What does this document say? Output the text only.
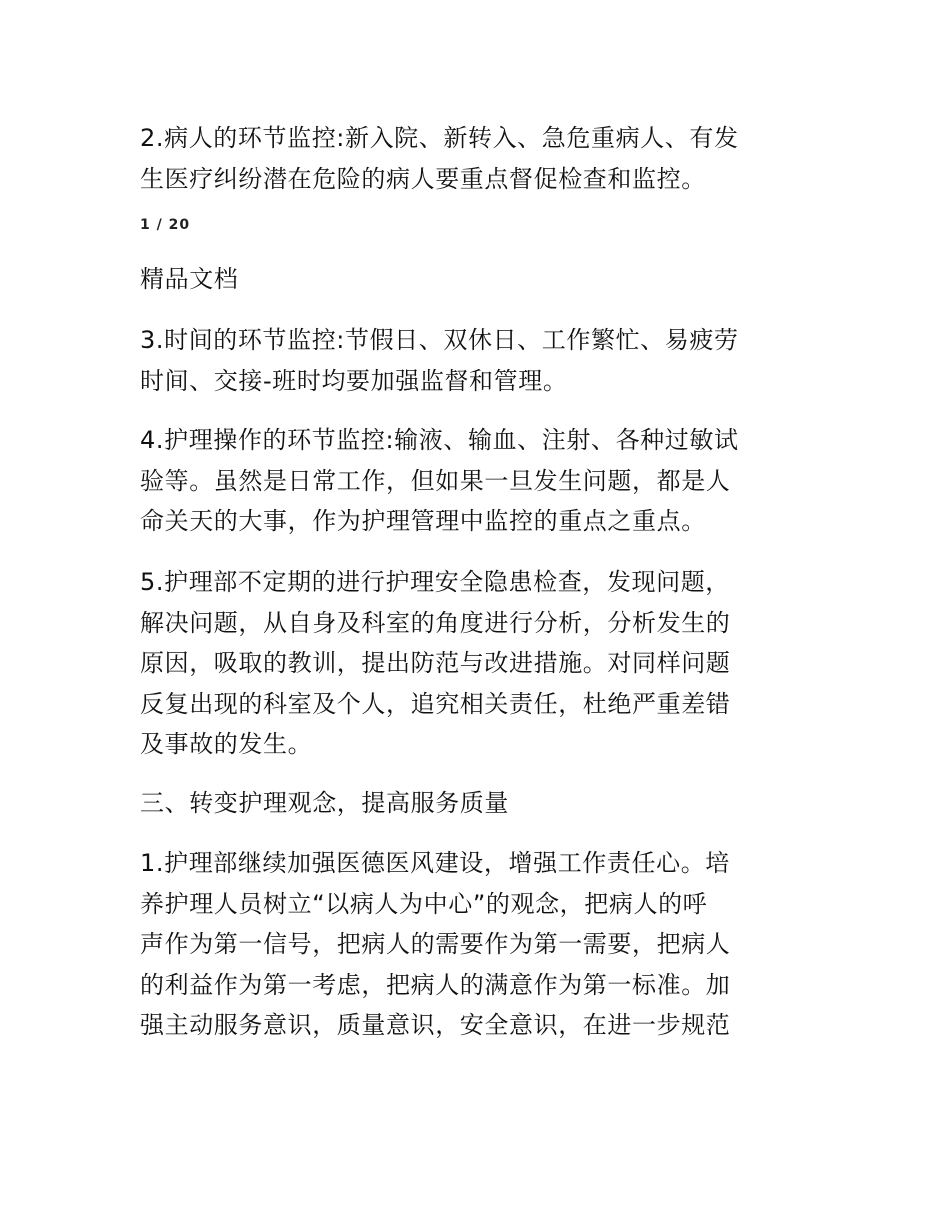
2.病人的环节监控:新入院、新转入、急危重病人、有发
生医疗纠纷潜在危险的病人要重点督促检查和监控。

1 / 20

精品文档

3.时间的环节监控:节假日、双休日、工作繁忙、易疲劳
时间、交接-班时均要加强监督和管理。

4.护理操作的环节监控:输液、输血、注射、各种过敏试
验等。虽然是日常工作，但如果一旦发生问题，都是人
命关天的大事，作为护理管理中监控的重点之重点。

5.护理部不定期的进行护理安全隐患检查，发现问题，
解决问题，从自身及科室的角度进行分析，分析发生的
原因，吸取的教训，提出防范与改进措施。对同样问题
反复出现的科室及个人，追究相关责任，杜绝严重差错
及事故的发生。

三、转变护理观念，提高服务质量

1.护理部继续加强医德医风建设，增强工作责任心。培
养护理人员树立“以病人为中心”的观念，把病人的呼
声作为第一信号，把病人的需要作为第一需要，把病人
的利益作为第一考虑，把病人的满意作为第一标准。加
强主动服务意识，质量意识，安全意识，在进一步规范
